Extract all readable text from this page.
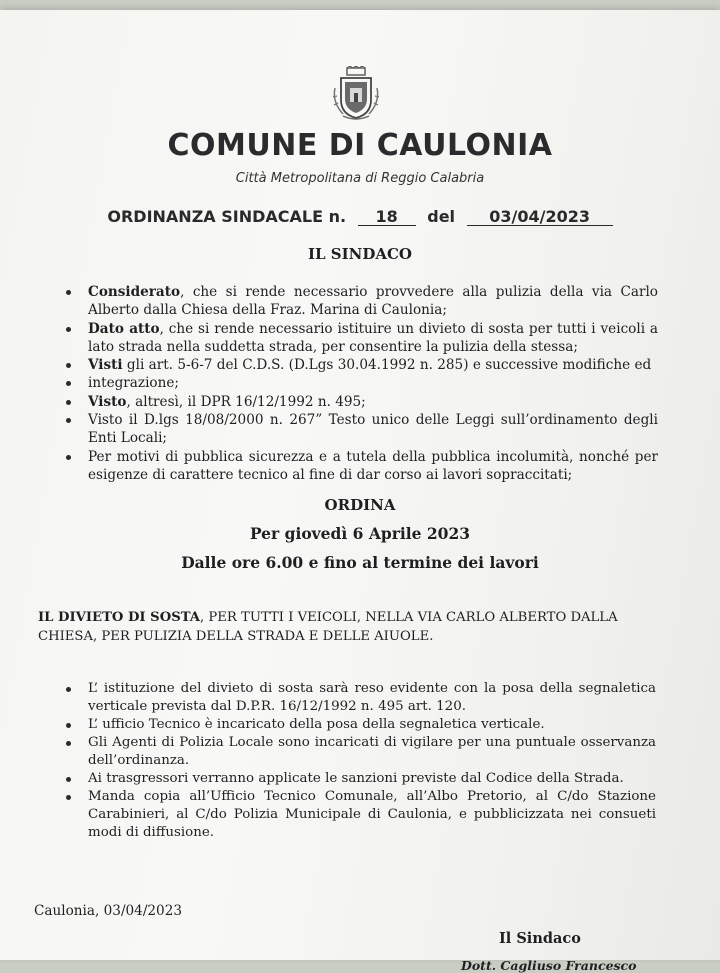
COMUNE DI CAULONIA
Città Metropolitana di Reggio Calabria
ORDINANZA SINDACALE n. 18 del 03/04/2023
IL SINDACO
Considerato, che si rende necessario provvedere alla pulizia della via Carlo Alberto dalla Chiesa della Fraz. Marina di Caulonia;
Dato atto, che si rende necessario istituire un divieto di sosta per tutti i veicoli a lato strada nella suddetta strada, per consentire la pulizia della stessa;
Visti gli art. 5-6-7 del C.D.S. (D.Lgs 30.04.1992 n. 285) e successive modifiche ed
integrazione;
Visto, altresì, il DPR 16/12/1992 n. 495;
Visto il D.lgs 18/08/2000 n. 267” Testo unico delle Leggi sull’ordinamento degli Enti Locali;
Per motivi di pubblica sicurezza e a tutela della pubblica incolumità, nonché per esigenze di carattere tecnico al fine di dar corso ai lavori sopraccitati;
ORDINA
Per giovedì 6 Aprile 2023
Dalle ore 6.00 e fino al termine dei lavori
IL DIVIETO DI SOSTA, PER TUTTI I VEICOLI, NELLA VIA CARLO ALBERTO DALLA CHIESA, PER PULIZIA DELLA STRADA E DELLE AIUOLE.
L’ istituzione del divieto di sosta sarà reso evidente con la posa della segnaletica verticale prevista dal D.P.R. 16/12/1992 n. 495 art. 120.
L’ ufficio Tecnico è incaricato della posa della segnaletica verticale.
Gli Agenti di Polizia Locale sono incaricati di vigilare per una puntuale osservanza dell’ordinanza.
Ai trasgressori verranno applicate le sanzioni previste dal Codice della Strada.
Manda copia all’Ufficio Tecnico Comunale, all’Albo Pretorio, al C/do Stazione Carabinieri, al C/do Polizia Municipale di Caulonia, e pubblicizzata nei consueti modi di diffusione.
Caulonia, 03/04/2023
Il Sindaco
Dott. Cagliuso Francesco
